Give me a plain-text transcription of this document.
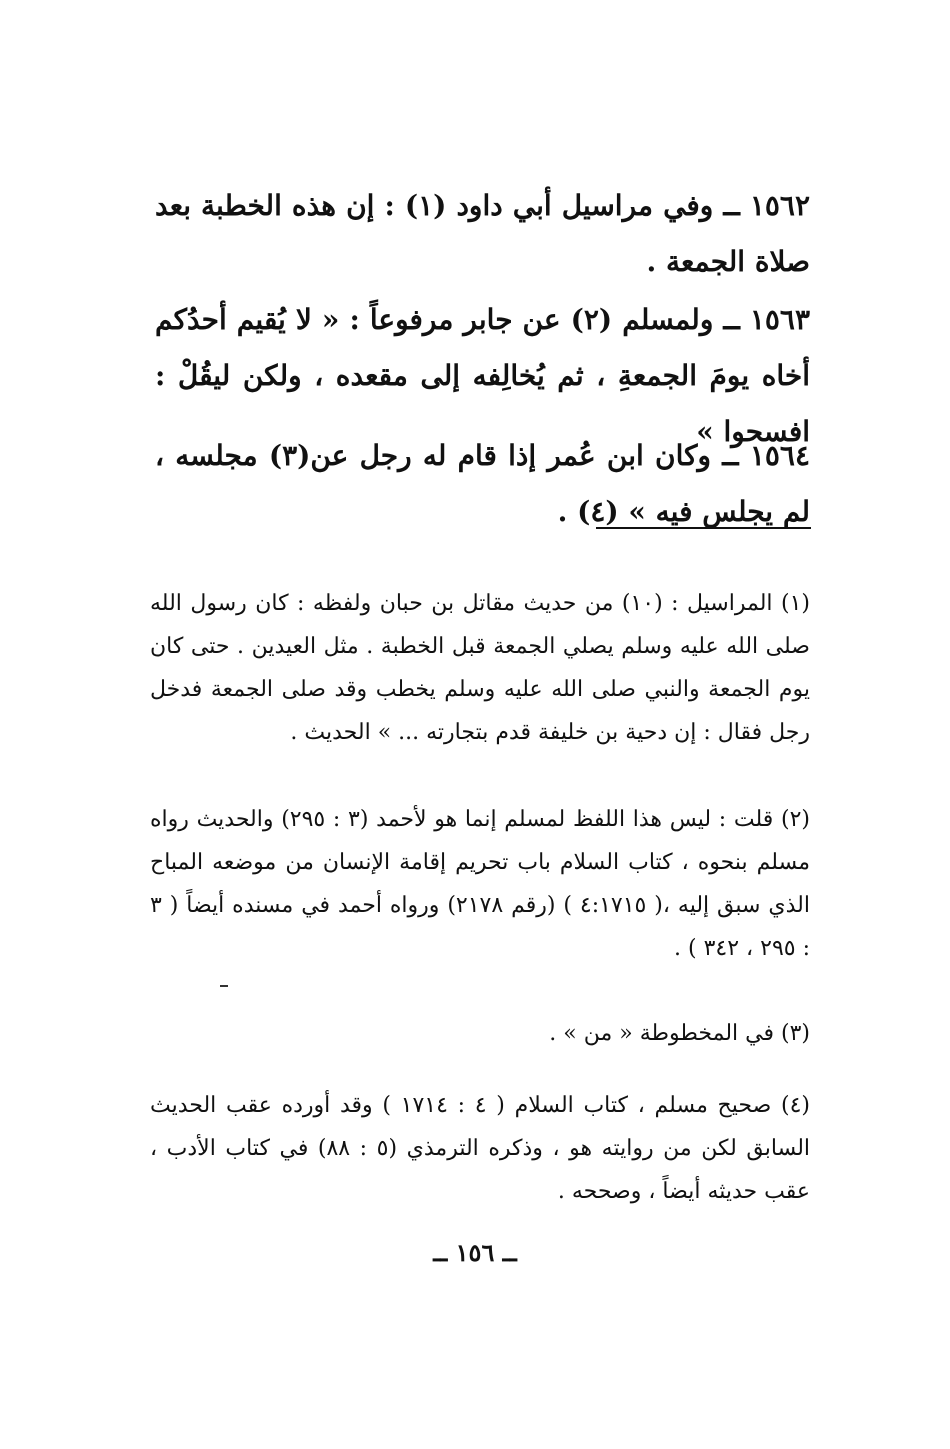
١٥٦٢ ــ وفي مراسيل أبي داود (١) : إن هذه الخطبة بعد صلاة الجمعة .

١٥٦٣ ــ ولمسلم (٢) عن جابر مرفوعاً : « لا يُقيم أحدُكم أخاه يومَ الجمعةِ ، ثم يُخالِفه إلى مقعده ، ولكن ليقُلْ : افسحوا »

١٥٦٤ ــ وكان ابن عُمر إذا قام له رجل عن(٣) مجلسه ، لم يجلس فيه » (٤) .

(١) المراسيل : (١٠) من حديث مقاتل بن حبان ولفظه : كان رسول الله صلى الله عليه وسلم يصلي الجمعة قبل الخطبة . مثل العيدين . حتى كان يوم الجمعة والنبي صلى الله عليه وسلم يخطب وقد صلى الجمعة فدخل رجل فقال : إن دحية بن خليفة قدم بتجارته ... » الحديث .

(٢) قلت : ليس هذا اللفظ لمسلم إنما هو لأحمد (٣ : ٢٩٥) والحديث رواه مسلم بنحوه ، كتاب السلام باب تحريم إقامة الإنسان من موضعه المباح الذي سبق إليه ،( ٤:١٧١٥ ) (رقم ٢١٧٨) ورواه أحمد في مسنده أيضاً ( ٣ : ٢٩٥ ، ٣٤٢ ) .

(٣) في المخطوطة « من » .

(٤) صحيح مسلم ، كتاب السلام ( ٤ : ١٧١٤ ) وقد أورده عقب الحديث السابق لكن من روايته هو ، وذكره الترمذي (٥ : ٨٨) في كتاب الأدب ، عقب حديثه أيضاً ، وصححه .

ــ ١٥٦ ــ
